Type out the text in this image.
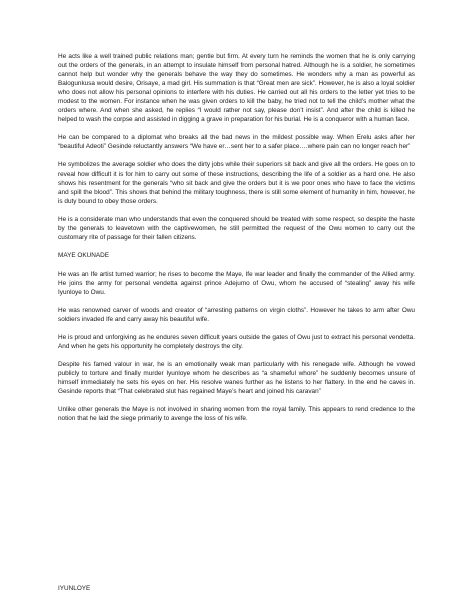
He acts like a well trained public relations man; gentle but firm. At every turn he reminds the women that he is only carrying out the orders of the generals, in an attempt to insulate himself from personal hatred. Although he is a soldier, he sometimes cannot help but wonder why the generals behave the way they do sometimes. He wonders why a man as powerful as Balogunkusa would desire, Orisaye, a mad girl. His summation is that “Great men are sick”. However, he is also a loyal soldier who does not allow his personal opinions to interfere with his duties. He carried out all his orders to the letter yet tries to be modest to the women. For instance when he was given orders to kill the baby, he tried not to tell the child’s mother what the orders where. And when she asked, he replies “I would rather not say, please don’t insist”. And after the child is killed he helped to wash the corpse and assisted in digging a grave in preparation for his burial. He is a conqueror with a human face.

He can be compared to a diplomat who breaks all the bad news in the mildest possible way. When Erelu asks after her “beautiful Adeoti” Gesinde reluctantly answers “We have er…sent her to a safer place….where pain can no longer reach her”

He symbolizes the average soldier who does the dirty jobs while their superiors sit back and give all the orders. He goes on to reveal how difficult it is for him to carry out some of these instructions, describing the life of a soldier as a hard one. He also shows his resentment for the generals “who sit back and give the orders but it is we poor ones who have to face the victims and spill the blood”. This shows that behind the military toughness, there is still some element of humanity in him, however, he is duty bound to obey those orders.

He is a considerate man who understands that even the conquered should be treated with some respect, so despite the haste by the generals to leavetown with the captivewomen, he still permitted the request of the Owu women to carry out the customary rite of passage for their fallen citizens.

MAYE OKUNADE

He was an Ife artist turned warrior; he rises to become the Maye, Ife war leader and finally the commander of the Allied army. He joins the army for personal vendetta against prince Adejumo of Owu, whom he accused of “stealing” away his wife Iyunloye to Owu.

He was renowned carver of woods and creator of “arresting patterns on virgin cloths”. However he takes to arm after Owu soldiers invaded Ife and carry away his beautiful wife.

He is proud and unforgiving as he endures seven difficult years outside the gates of Owu just to extract his personal vendetta. And when he gets his opportunity he completely destroys the city.

Despite his famed valour in war, he is an emotionally weak man particularly with his renegade wife. Although he vowed publicly to torture and finally murder Iyunloye whom he describes as “a shameful whore” he suddenly becomes unsure of himself immediately he sets his eyes on her. His resolve wanes further as he listens to her flattery. In the end he caves in. Gesinde reports that “That celebrated slut has regained Maye’s heart and joined his caravan”

Unlike other generals the Maye is not involved in sharing women from the royal family. This appears to rend credence to the notion that he laid the siege primarily to avenge the loss of his wife.

IYUNLOYE
